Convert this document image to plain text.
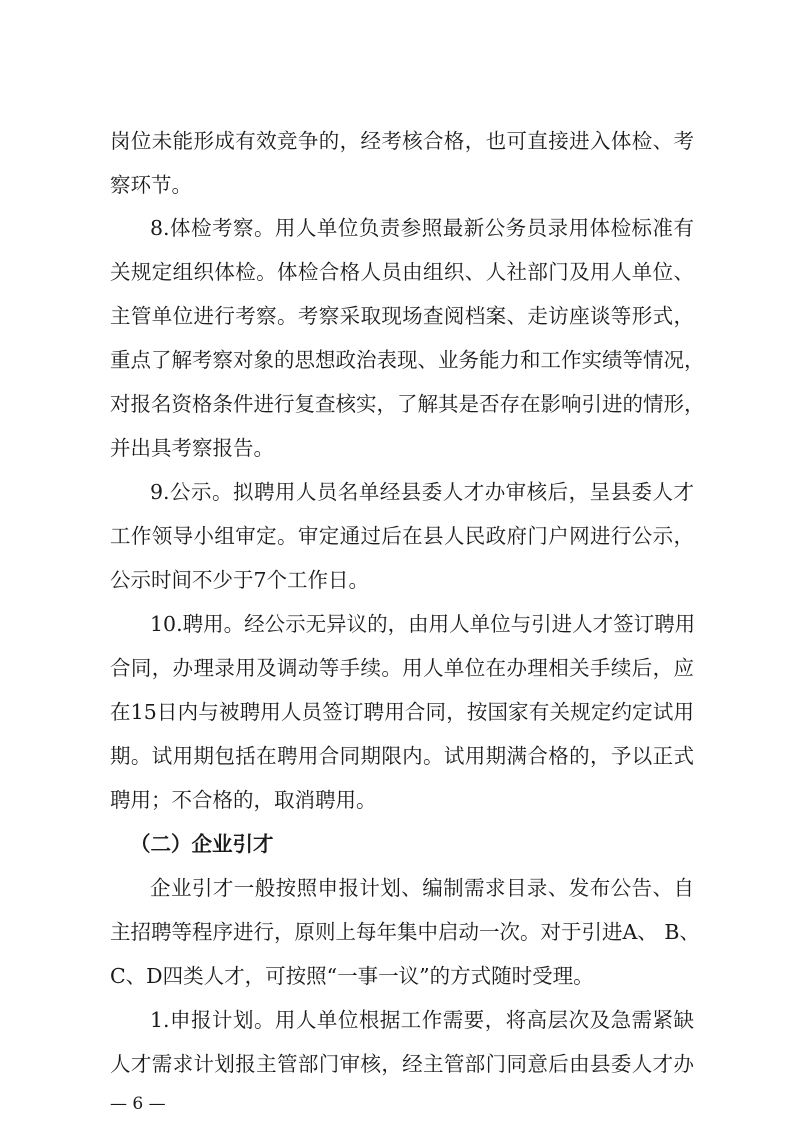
岗位未能形成有效竞争的，经考核合格，也可直接进入体检、考
察环节。
8.体检考察。用人单位负责参照最新公务员录用体检标准有
关规定组织体检。体检合格人员由组织、人社部门及用人单位、
主管单位进行考察。考察采取现场查阅档案、走访座谈等形式，
重点了解考察对象的思想政治表现、业务能力和工作实绩等情况，
对报名资格条件进行复查核实，了解其是否存在影响引进的情形，
并出具考察报告。
9.公示。拟聘用人员名单经县委人才办审核后，呈县委人才
工作领导小组审定。审定通过后在县人民政府门户网进行公示，
公示时间不少于7个工作日。
10.聘用。经公示无异议的，由用人单位与引进人才签订聘用
合同，办理录用及调动等手续。用人单位在办理相关手续后，应
在15日内与被聘用人员签订聘用合同，按国家有关规定约定试用
期。试用期包括在聘用合同期限内。试用期满合格的，予以正式
聘用；不合格的，取消聘用。
（二）企业引才
企业引才一般按照申报计划、编制需求目录、发布公告、自
主招聘等程序进行，原则上每年集中启动一次。对于引进A、 B、
C、D四类人才，可按照“一事一议”的方式随时受理。
1.申报计划。用人单位根据工作需要，将高层次及急需紧缺
人才需求计划报主管部门审核，经主管部门同意后由县委人才办
— 6 —
